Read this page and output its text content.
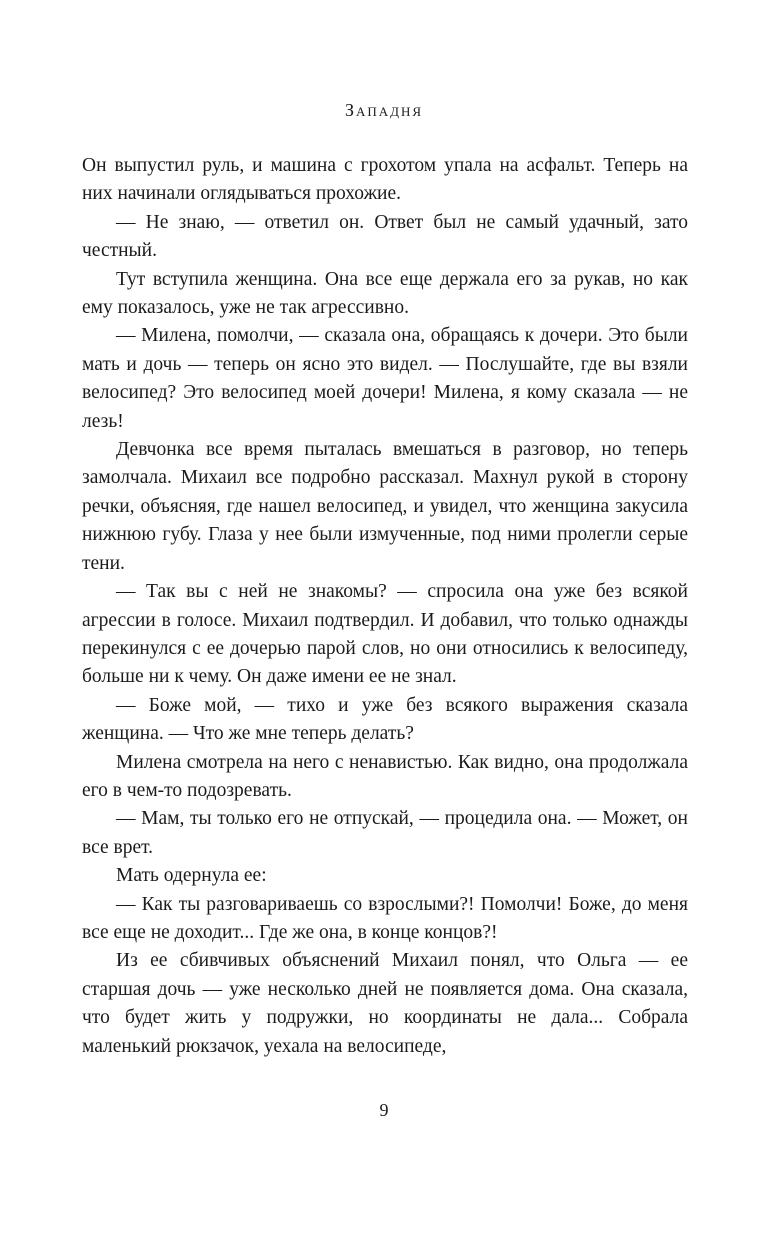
Западня

Он выпустил руль, и машина с грохотом упала на асфальт. Теперь на них начинали оглядываться прохожие.

— Не знаю, — ответил он. Ответ был не самый удачный, зато честный.

Тут вступила женщина. Она все еще держала его за рукав, но как ему показалось, уже не так агрессивно.

— Милена, помолчи, — сказала она, обращаясь к дочери. Это были мать и дочь — теперь он ясно это видел. — Послушайте, где вы взяли велосипед? Это велосипед моей дочери! Милена, я кому сказала — не лезь!

Девчонка все время пыталась вмешаться в разговор, но теперь замолчала. Михаил все подробно рассказал. Махнул рукой в сторону речки, объясняя, где нашел велосипед, и увидел, что женщина закусила нижнюю губу. Глаза у нее были измученные, под ними пролегли серые тени.

— Так вы с ней не знакомы? — спросила она уже без всякой агрессии в голосе. Михаил подтвердил. И добавил, что только однажды перекинулся с ее дочерью парой слов, но они относились к велосипеду, больше ни к чему. Он даже имени ее не знал.

— Боже мой, — тихо и уже без всякого выражения сказала женщина. — Что же мне теперь делать?

Милена смотрела на него с ненавистью. Как видно, она продолжала его в чем-то подозревать.

— Мам, ты только его не отпускай, — процедила она. — Может, он все врет.

Мать одернула ее:

— Как ты разговариваешь со взрослыми?! Помолчи! Боже, до меня все еще не доходит... Где же она, в конце концов?!

Из ее сбивчивых объяснений Михаил понял, что Ольга — ее старшая дочь — уже несколько дней не появляется дома. Она сказала, что будет жить у подружки, но координаты не дала... Собрала маленький рюкзачок, уехала на велосипеде,

9
